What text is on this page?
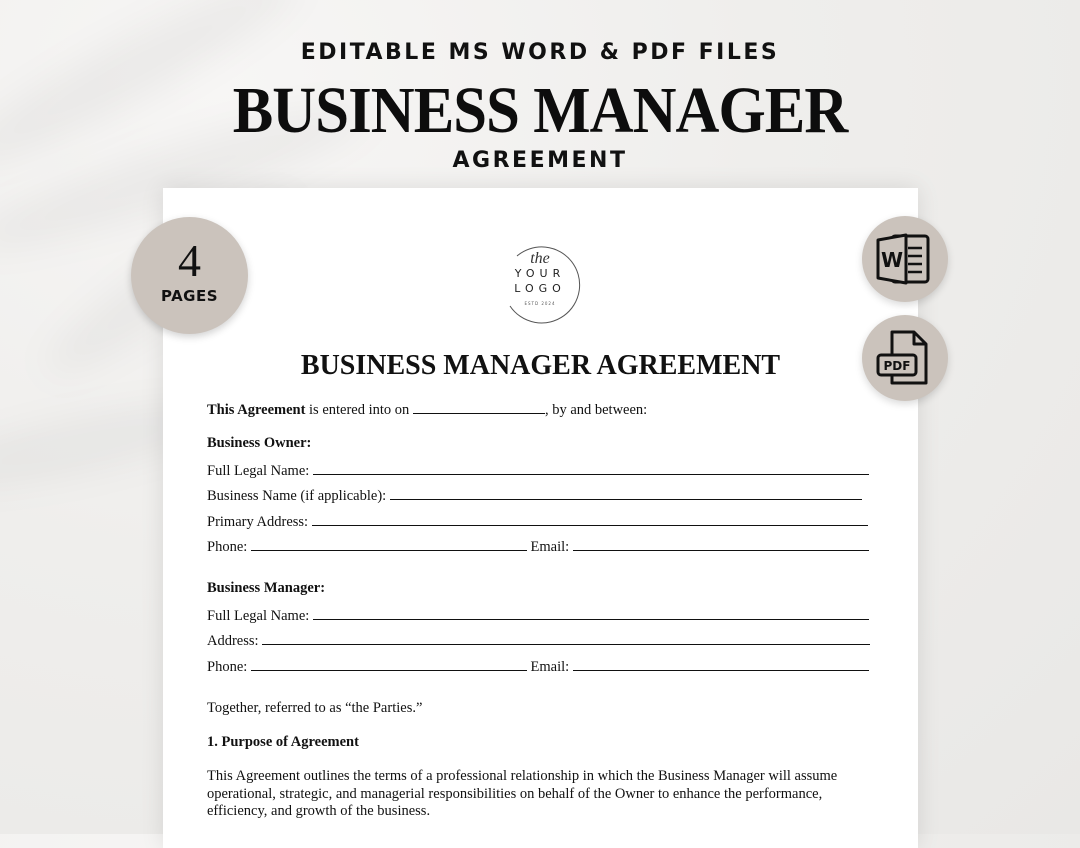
EDITABLE MS WORD & PDF FILES
BUSINESS MANAGER
AGREEMENT
4
PAGES
W
PDF
the
YOUR
LOGO
ESTD 2024
BUSINESS MANAGER AGREEMENT
This Agreement is entered into on	, by and between:
Business Owner:
Full Legal Name:
Business Name (if applicable):
Primary Address:
Phone:	Email:
Business Manager:
Full Legal Name:
Address:
Phone:	Email:
Together, referred to as “the Parties.”
1. Purpose of Agreement
This Agreement outlines the terms of a professional relationship in which the Business Manager will assume operational, strategic, and managerial responsibilities on behalf of the Owner to enhance the performance, efficiency, and growth of the business.
